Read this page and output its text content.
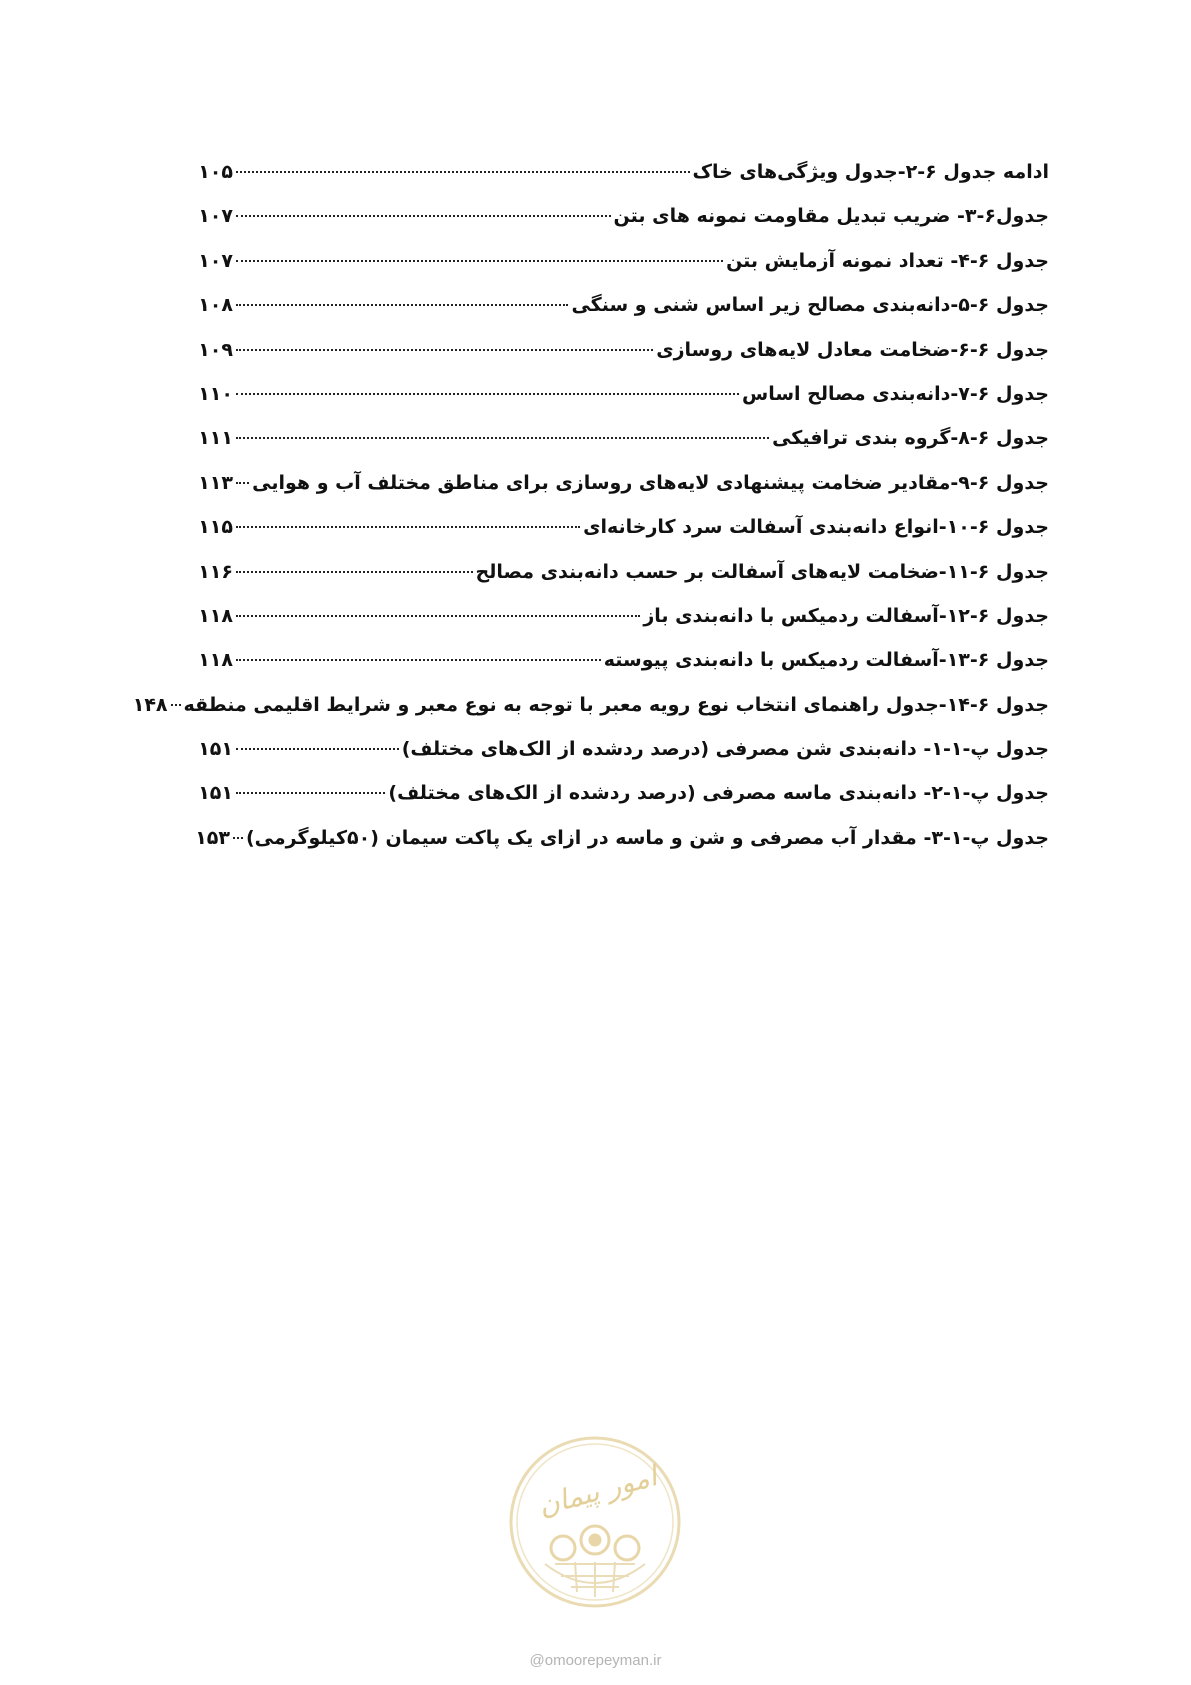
ادامه جدول ۶-۲-جدول ویژگی‌های خاک
۱۰۵
جدول۶-۳- ضریب تبدیل مقاومت نمونه های بتن
۱۰۷
جدول ۶-۴- تعداد نمونه آزمایش بتن
۱۰۷
جدول ۶-۵-دانه‌بندی مصالح زیر اساس شنی و سنگی
۱۰۸
جدول ۶-۶-ضخامت معادل لایه‌های روسازی
۱۰۹
جدول ۶-۷-دانه‌بندی مصالح اساس
۱۱۰
جدول ۶-۸-گروه بندی ترافیکی
۱۱۱
جدول ۶-۹-مقادیر ضخامت پیشنهادی لایه‌های روسازی برای مناطق مختلف آب و هوایی
۱۱۳
جدول ۶-۱۰-انواع دانه‌بندی آسفالت سرد کارخانه‌ای
۱۱۵
جدول ۶-۱۱-ضخامت لایه‌های آسفالت بر حسب دانه‌بندی مصالح
۱۱۶
جدول ۶-۱۲-آسفالت ردمیکس با دانه‌بندی باز
۱۱۸
جدول ۶-۱۳-آسفالت ردمیکس با دانه‌بندی پیوسته
۱۱۸
جدول ۶-۱۴-جدول راهنمای انتخاب نوع رویه معبر با توجه به نوع معبر و شرایط اقلیمی منطقه
۱۴۸
جدول پ-۱-۱- دانه‌بندی شن مصرفی (درصد ردشده از الک‌های مختلف)
۱۵۱
جدول پ-۱-۲- دانه‌بندی ماسه مصرفی (درصد ردشده از الک‌های مختلف)
۱۵۱
جدول پ-۱-۳- مقدار آب مصرفی و شن و ماسه در ازای یک پاکت سیمان (۵۰کیلوگرمی)
۱۵۳
امور پیمان
@omoorepeyman.ir
